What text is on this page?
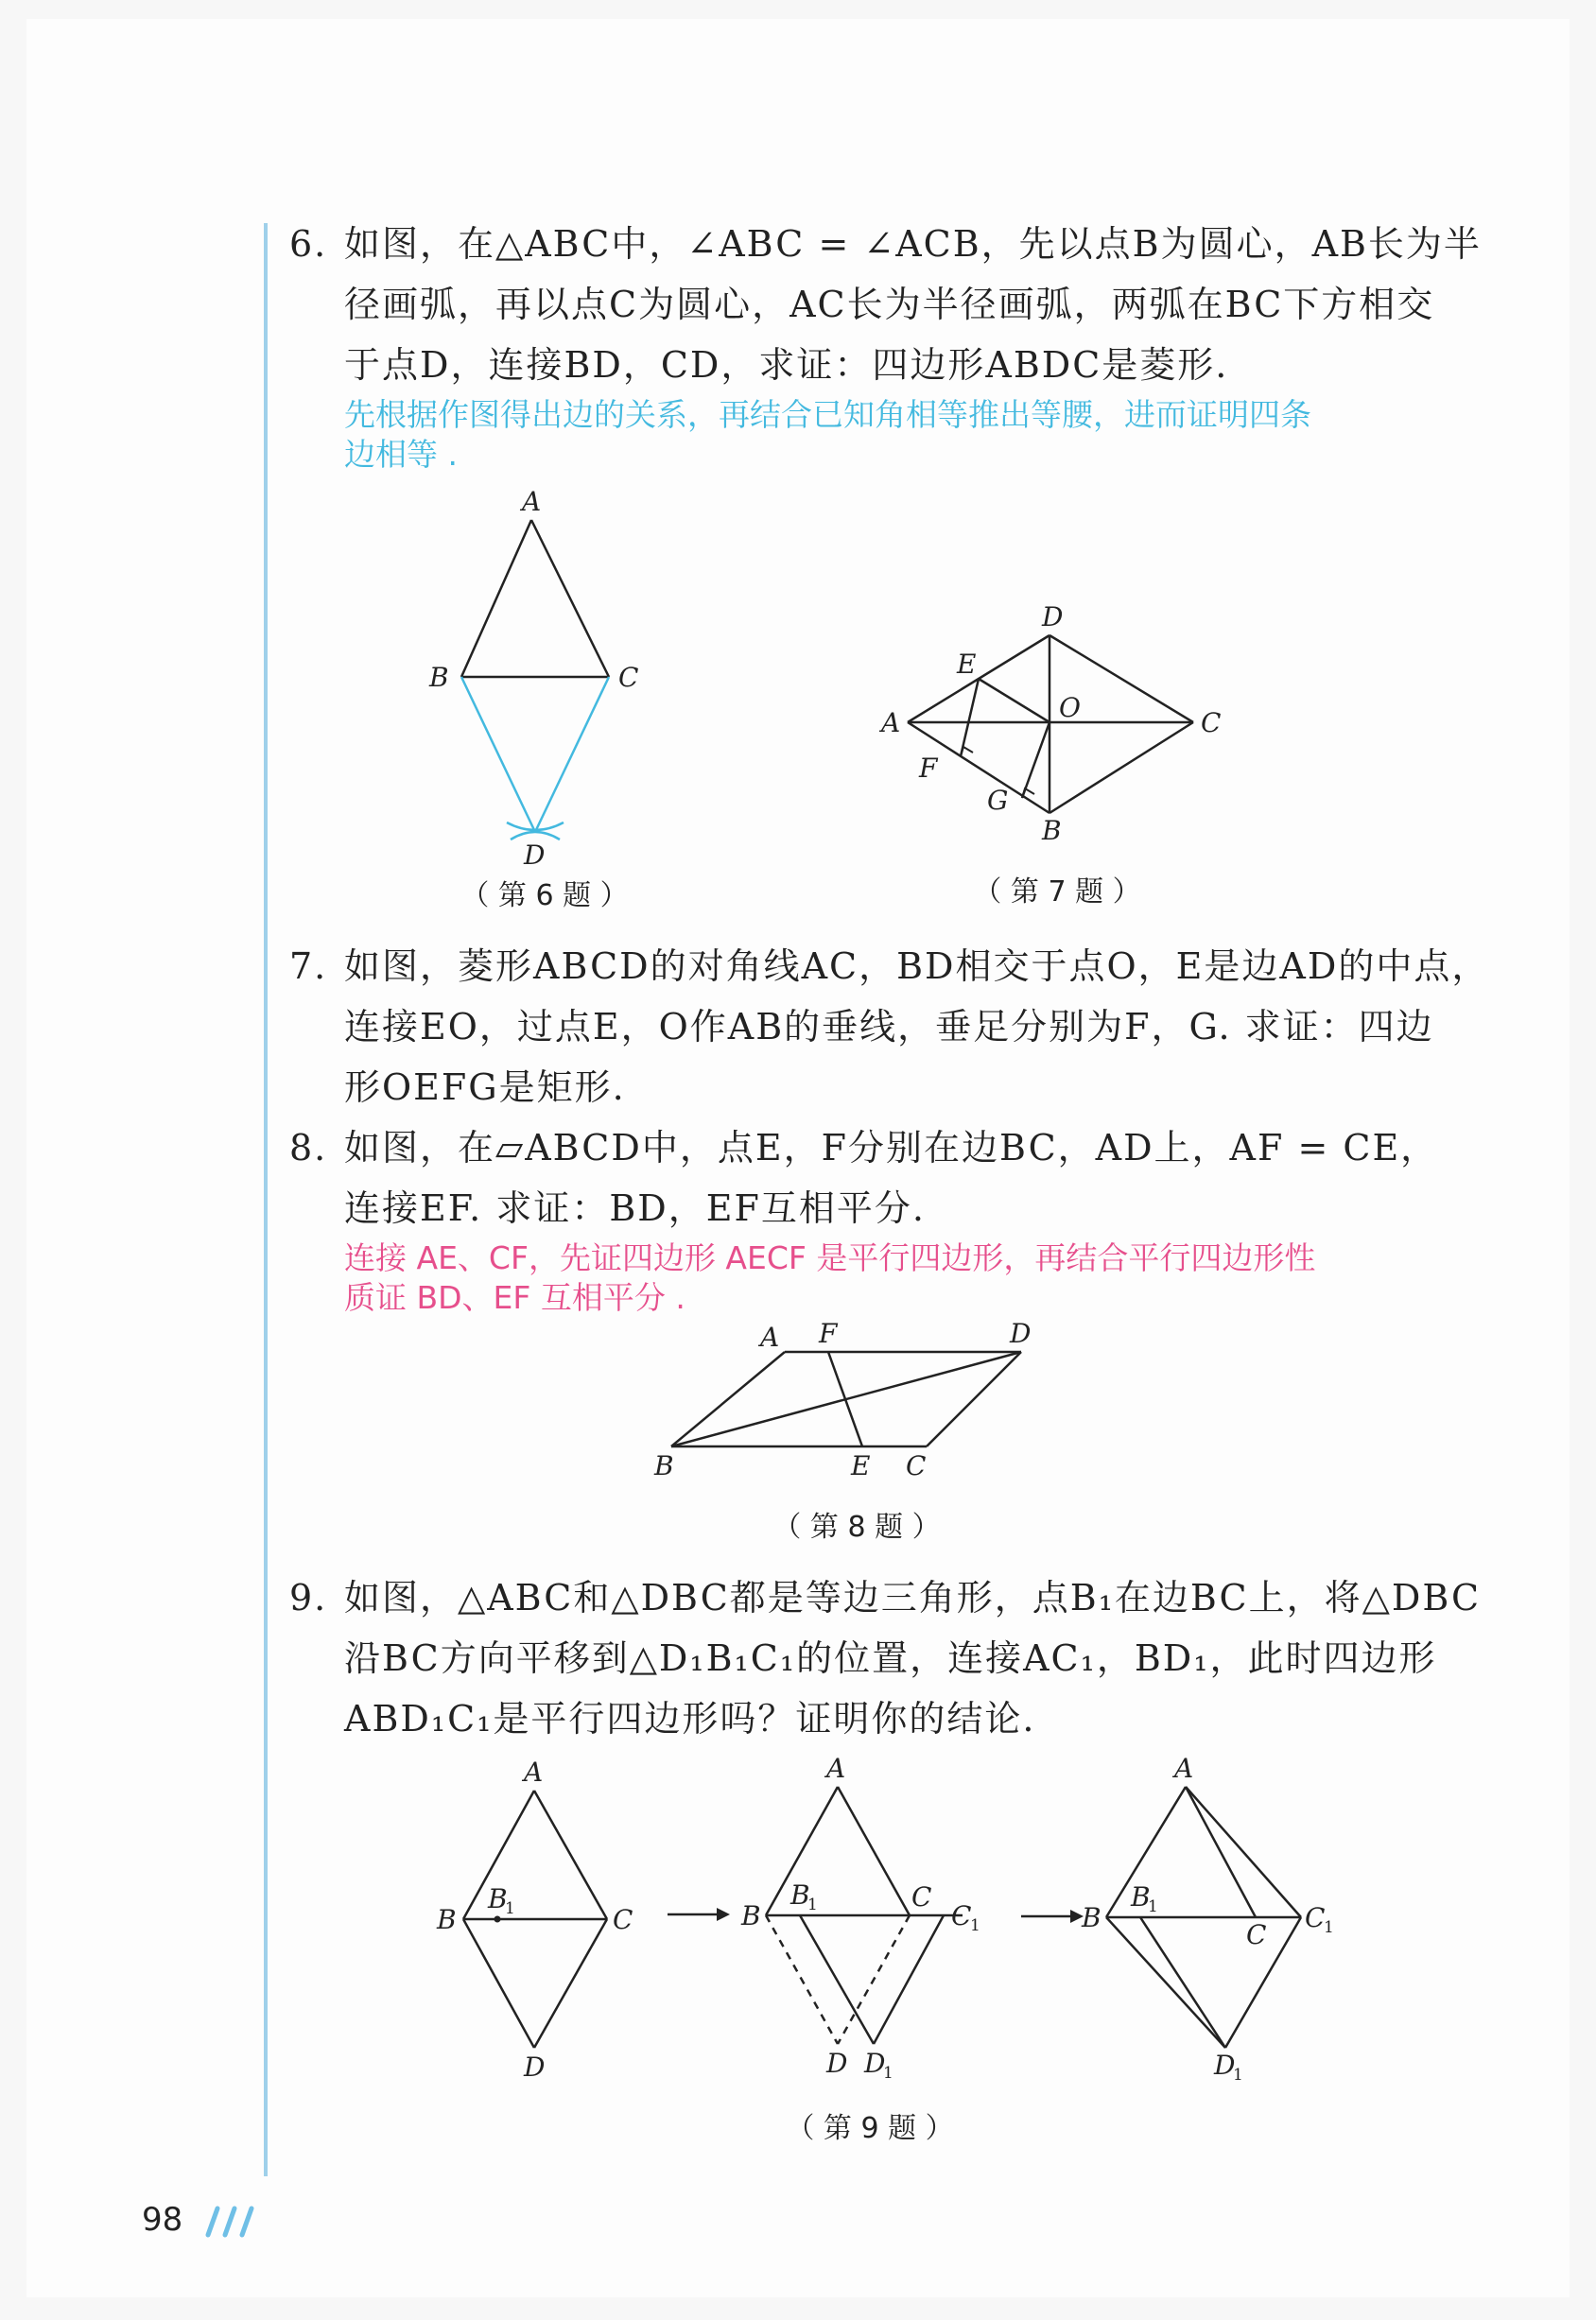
6. 如图，在△ABC中，∠ABC = ∠ACB，先以点B为圆心，AB长为半
径画弧，再以点C为圆心，AC长为半径画弧，两弧在BC下方相交
于点D，连接BD，CD，求证：四边形ABDC是菱形.
先根据作图得出边的关系，再结合已知角相等推出等腰，进而证明四条
边相等 .
A
B	C
D
（ 第 6 题 ）
D
E
A	O	C
F
G
B
（ 第 7 题 ）
7. 如图，菱形ABCD的对角线AC，BD相交于点O，E是边AD的中点，
连接EO，过点E，O作AB的垂线，垂足分别为F，G. 求证：四边
形OEFG是矩形.
8. 如图，在▱ABCD中，点E，F分别在边BC，AD上，AF = CE，
连接EF. 求证：BD，EF互相平分.
连接 AE、CF，先证四边形 AECF 是平行四边形，再结合平行四边形性
质证 BD、EF 互相平分 .
A F	D
B	E C
（ 第 8 题 ）
9. 如图，△ABC和△DBC都是等边三角形，点B₁在边BC上，将△DBC
沿BC方向平移到△D₁B₁C₁的位置，连接AC₁，BD₁，此时四边形
ABD₁C₁是平行四边形吗？证明你的结论.
A
B
B
1	C
D
A
B
B
1	C
C
1
D D
1
A
B
B
1
C
C
1
D
1
（ 第 9 题 ）
98
